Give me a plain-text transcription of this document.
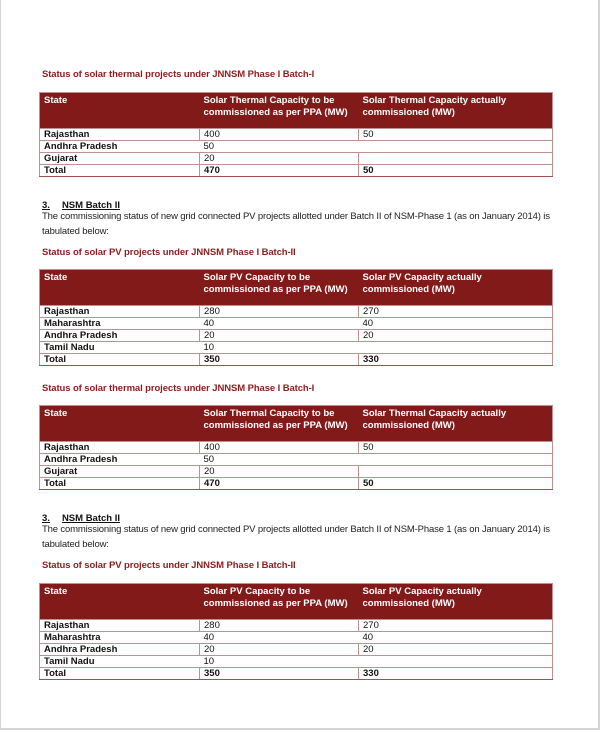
Status of solar thermal projects under JNNSM Phase I Batch-I
State	Solar Thermal Capacity to be commissioned as per PPA (MW)	Solar Thermal Capacity actually commissioned (MW)
Rajasthan	400	50
Andhra Pradesh	50	
Gujarat	20	
Total	470	50
3. NSM Batch II
The commissioning status of new grid connected PV projects allotted under Batch II of NSM-Phase 1 (as on January 2014) is tabulated below:
Status of solar PV projects under JNNSM Phase I Batch-II
State	Solar PV Capacity to be commissioned as per PPA (MW)	Solar PV Capacity actually commissioned (MW)
Rajasthan	280	270
Maharashtra	40	40
Andhra Pradesh	20	20
Tamil Nadu	10	
Total	350	330
Status of solar thermal projects under JNNSM Phase I Batch-I
State	Solar Thermal Capacity to be commissioned as per PPA (MW)	Solar Thermal Capacity actually commissioned (MW)
Rajasthan	400	50
Andhra Pradesh	50	
Gujarat	20	
Total	470	50
3. NSM Batch II
The commissioning status of new grid connected PV projects allotted under Batch II of NSM-Phase 1 (as on January 2014) is tabulated below:
Status of solar PV projects under JNNSM Phase I Batch-II
State	Solar PV Capacity to be commissioned as per PPA (MW)	Solar PV Capacity actually commissioned (MW)
Rajasthan	280	270
Maharashtra	40	40
Andhra Pradesh	20	20
Tamil Nadu	10	
Total	350	330
